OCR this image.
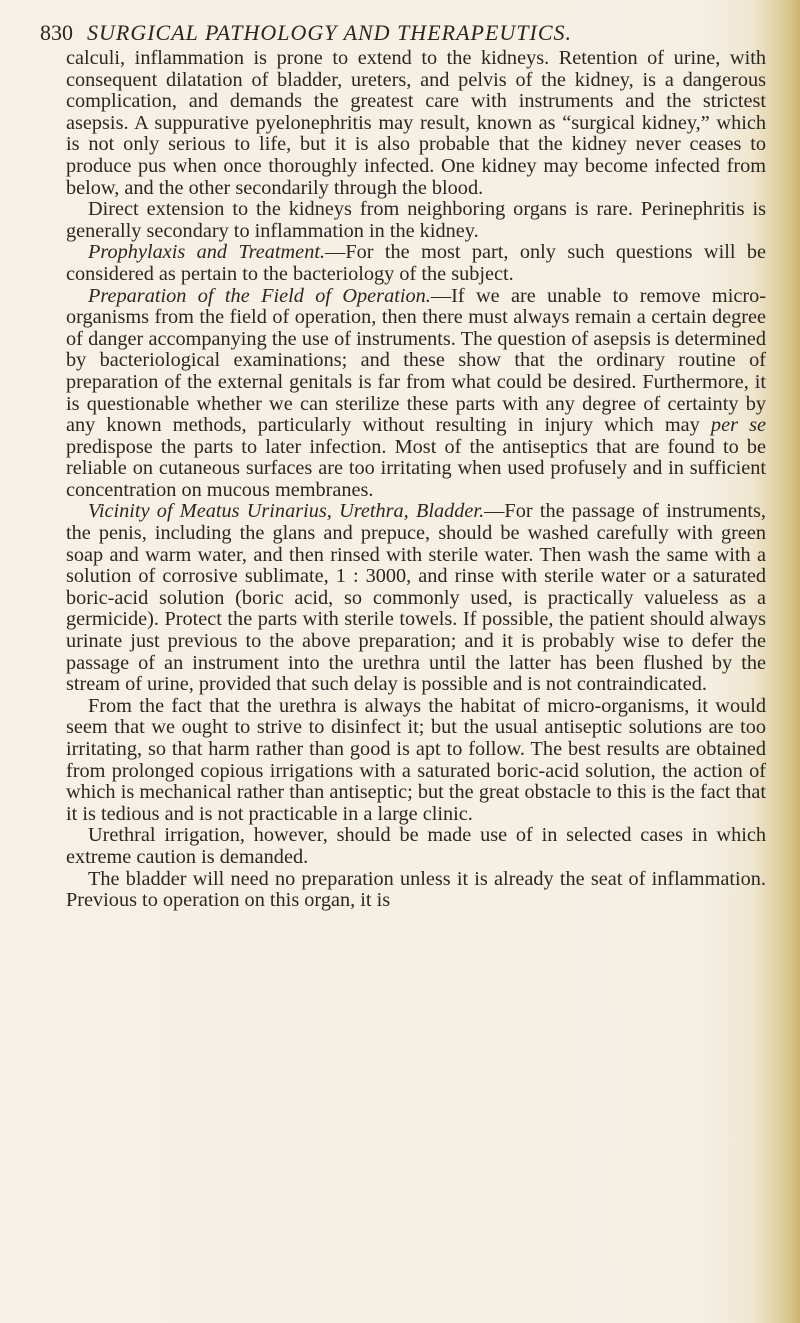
830 SURGICAL PATHOLOGY AND THERAPEUTICS.

calculi, inflammation is prone to extend to the kidneys. Retention of urine, with consequent dilatation of bladder, ureters, and pelvis of the kidney, is a dangerous complication, and demands the greatest care with instruments and the strictest asepsis. A suppurative pyelonephritis may result, known as “surgical kidney,” which is not only serious to life, but it is also probable that the kidney never ceases to produce pus when once thoroughly infected. One kidney may become infected from below, and the other secondarily through the blood.

Direct extension to the kidneys from neighboring organs is rare. Perinephritis is generally secondary to inflammation in the kidney.

Prophylaxis and Treatment.—For the most part, only such questions will be considered as pertain to the bacteriology of the subject.

Preparation of the Field of Operation.—If we are unable to remove micro-organisms from the field of operation, then there must always remain a certain degree of danger accompanying the use of instruments. The question of asepsis is determined by bacteriological examinations; and these show that the ordinary routine of preparation of the external genitals is far from what could be desired. Furthermore, it is questionable whether we can sterilize these parts with any degree of certainty by any known methods, particularly without resulting in injury which may per se predispose the parts to later infection. Most of the antiseptics that are found to be reliable on cutaneous surfaces are too irritating when used profusely and in sufficient concentration on mucous membranes.

Vicinity of Meatus Urinarius, Urethra, Bladder.—For the passage of instruments, the penis, including the glans and prepuce, should be washed carefully with green soap and warm water, and then rinsed with sterile water. Then wash the same with a solution of corrosive sublimate, 1 : 3000, and rinse with sterile water or a saturated boric-acid solution (boric acid, so commonly used, is practically valueless as a germicide). Protect the parts with sterile towels. If possible, the patient should always urinate just previous to the above preparation; and it is probably wise to defer the passage of an instrument into the urethra until the latter has been flushed by the stream of urine, provided that such delay is possible and is not contraindicated.

From the fact that the urethra is always the habitat of micro-organisms, it would seem that we ought to strive to disinfect it; but the usual antiseptic solutions are too irritating, so that harm rather than good is apt to follow. The best results are obtained from prolonged copious irrigations with a saturated boric-acid solution, the action of which is mechanical rather than antiseptic; but the great obstacle to this is the fact that it is tedious and is not practicable in a large clinic.

Urethral irrigation, however, should be made use of in selected cases in which extreme caution is demanded.

The bladder will need no preparation unless it is already the seat of inflammation. Previous to operation on this organ, it is
